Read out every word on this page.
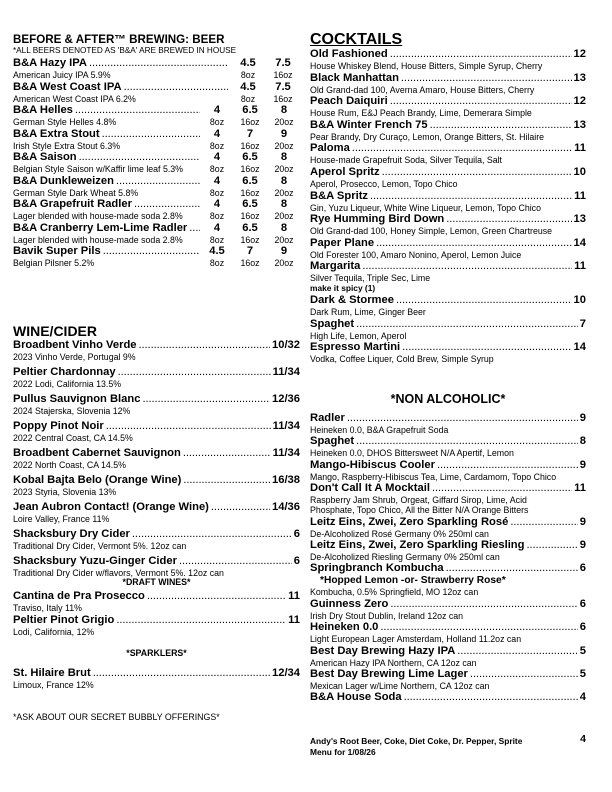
BEFORE & AFTER™ BREWING: BEER
*ALL BEERS DENOTED AS 'B&A' ARE BREWED IN HOUSE
B&A Hazy IPA . . .	4.5 7.5
American Juicy IPA 5.9%	8oz	16oz
B&A West Coast IPA . . .	4.5 7.5
American West Coast IPA 6.2%	8oz	16oz
B&A Helles . . .	4 6.5 8
German Style Helles 4.8%	8oz	16oz	20oz
B&A Extra Stout . . .	4 7 9
Irish Style Extra Stout 6.3%	8oz	16oz	20oz
B&A Saison . . .	4 6.5 8
Belgian Style Saison w/Kaffir lime leaf 5.3%	8oz	16oz	20oz
B&A Dunkleweizen . . .	4 6.5 8
German Style Dark Wheat 5.8%	8oz	16oz	20oz
B&A Grapefruit Radler . . .	4 6.5 8
Lager blended with house-made soda 2.8%	8oz	16oz	20oz
B&A Cranberry Lem-Lime Radler . . .	4 6.5 8
Lager blended with house-made soda 2.8%	8oz	16oz	20oz
Bavik Super Pils . . .	4.5 7 9
Belgian Pilsner 5.2%	8oz	16oz	20oz
WINE/CIDER
Broadbent Vinho Verde . . .	10/32
2023 Vinho Verde, Portugal 9%
Peltier Chardonnay . . .	11/34
2022 Lodi, California 13.5%
Pullus Sauvignon Blanc . . .	12/36
2024 Stajerska, Slovenia 12%
Poppy Pinot Noir . . .	11/34
2022 Central Coast, CA 14.5%
Broadbent Cabernet Sauvignon . . .	11/34
2022 North Coast, CA 14.5%
Kobal Bajta Belo (Orange Wine) . . .	16/38
2023 Styria, Slovenia 13%
Jean Aubron Contact! (Orange Wine) . . .	14/36
Loire Valley, France 11%
Shacksbury Dry Cider . . .	6
Traditional Dry Cider, Vermont 5%. 12oz can
Shacksbury Yuzu-Ginger Cider . . .	6
Traditional Dry Cider w/flavors, Vermont 5%. 12oz can
*DRAFT WINES*
Cantina de Pra Prosecco . . .	11
Traviso, Italy 11%
Peltier Pinot Grigio . . .	11
Lodi, California, 12%
*SPARKLERS*
St. Hilaire Brut . . .	12/34
Limoux, France 12%
*ASK ABOUT OUR SECRET BUBBLY OFFERINGS*
COCKTAILS
Old Fashioned . . .	12
House Whiskey Blend, House Bitters, Simple Syrup, Cherry
Black Manhattan . . .	13
Old Grand-dad 100, Averna Amaro, House Bitters, Cherry
Peach Daiquiri . . .	12
House Rum, E&J Peach Brandy, Lime, Demerara Simple
B&A Winter French 75 . . .	13
Pear Brandy, Dry Curaço, Lemon, Orange Bitters, St. Hilaire
Paloma . . .	11
House-made Grapefruit Soda, Silver Tequila, Salt
Aperol Spritz . . .	10
Aperol, Prosecco, Lemon, Topo Chico
B&A Spritz . . .	11
Gin, Yuzu Liqueur, White Wine Liqueur, Lemon, Topo Chico
Rye Humming Bird Down . . .	13
Old Grand-dad 100, Honey Simple, Lemon, Green Chartreuse
Paper Plane . . .	14
Old Forester 100, Amaro Nonino, Aperol, Lemon Juice
Margarita . . .	11
Silver Tequila, Triple Sec, Lime
make it spicy (1)
Dark & Stormee . . .	10
Dark Rum, Lime, Ginger Beer
Spaghet . . .	7
High Life, Lemon, Aperol
Espresso Martini . . .	14
Vodka, Coffee Liquer, Cold Brew, Simple Syrup
*NON ALCOHOLIC*
Radler . . .	9
Heineken 0.0, B&A Grapefruit Soda
Spaghet . . .	8
Heineken 0.0, DHOS Bittersweet N/A Apertif, Lemon
Mango-Hibiscus Cooler . . .	9
Mango, Raspberry-Hibiscus Tea, Lime, Cardamom, Topo Chico
Don't Call It A Mocktail . . .	11
Raspberry Jam Shrub, Orgeat, Giffard Sirop, Lime, Acid
Phosphate, Topo Chico, All the Bitter N/A Orange Bitters
Leitz Eins, Zwei, Zero Sparkling Rosé . . .	9
De-Alcoholized Rosé Germany 0% 250ml can
Leitz Eins, Zwei, Zero Sparkling Riesling . . .	9
De-Alcoholized Riesling Germany 0% 250ml can
Springbranch Kombucha . . .	6
*Hopped Lemon -or- Strawberry Rose*
Kombucha, 0.5% Springfield, MO 12oz can
Guinness Zero . . .	6
Irish Dry Stout Dublin, Ireland 12oz can
Heineken 0.0 . . .	6
Light European Lager Amsterdam, Holland 11.2oz can
Best Day Brewing Hazy IPA . . .	5
American Hazy IPA Northern, CA 12oz can
Best Day Brewing Lime Lager . . .	5
Mexican Lager w/Lime Northern, CA 12oz can
B&A House Soda . . .	4
Andy's Root Beer, Coke, Diet Coke, Dr. Pepper, Sprite	4
Menu for 1/08/26
